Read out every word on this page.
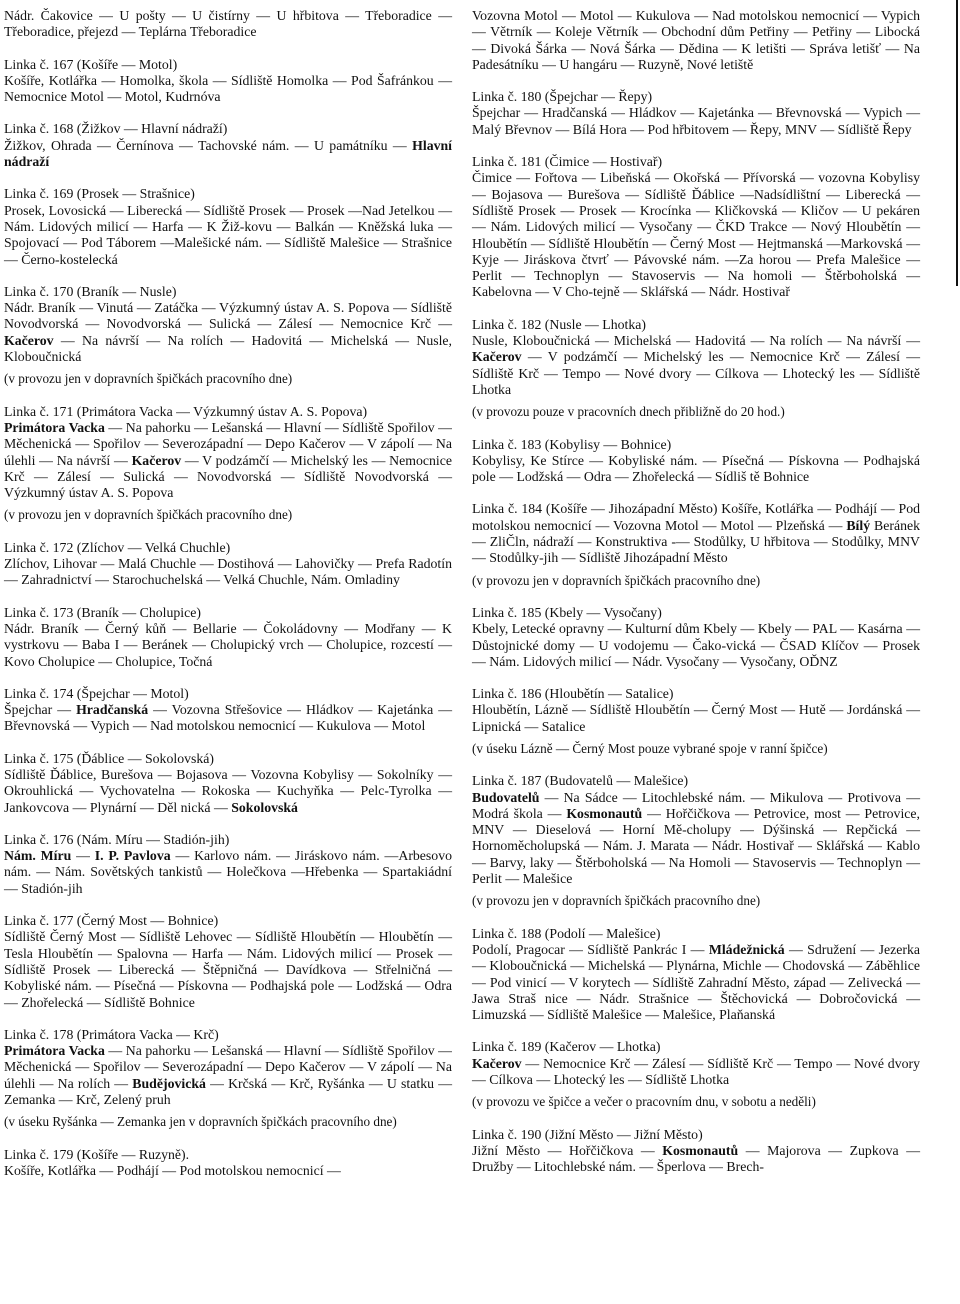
Nádr. Čakovice — U pošty — U čistírny — U hřbitova — Třeboradice — Třeboradice, přejezd — Teplárna Třeboradice
Linka č. 167 (Košíře — Motol)
Košíře, Kotlářka — Homolka, škola — Sídliště Homolka — Pod Šafránkou — Nemocnice Motol — Motol, Kudrnóva
Linka č. 168 (Žižkov — Hlavní nádraží)
Žižkov, Ohrada — Černínova — Tachovské nám. — U památníku — Hlavní nádraží
Linka č. 169 (Prosek — Strašnice)
Prosek, Lovosická — Liberecká — Sídliště Prosek — Prosek —Nad Jetelkou — Nám. Lidových milicí — Harfa — K Žiž-kovu — Balkán — Kněžská luka — Spojovací — Pod Táborem —Malešické nám. — Sídliště Malešice — Strašnice — Černo-kostelecká
Linka č. 170 (Braník — Nusle)
Nádr. Braník — Vinutá — Zatáčka — Výzkumný ústav A. S. Popova — Sídliště Novodvorská — Novodvorská — Sulická — Zálesí — Nemocnice Krč — Kačerov — Na návrší — Na rolích — Hadovitá — Michelská — Nusle, Kloboučnická
(v provozu jen v dopravních špičkách pracovního dne)
Linka č. 171 (Primátora Vacka — Výzkumný ústav A. S. Popova)
Primátora Vacka — Na pahorku — Lešanská — Hlavní — Sídliště Spořilov — Měchenická — Spořilov — Severozápadní — Depo Kačerov — V zápolí — Na úlehli — Na návrší — Kačerov — V podzámčí — Michelský les — Nemocnice Krč — Zálesí — Sulická — Novodvorská — Sídliště Novodvorská — Výzkumný ústav A. S. Popova
(v provozu jen v dopravních špičkách pracovního dne)
Linka č. 172 (Zlíchov — Velká Chuchle)
Zlíchov, Lihovar — Malá Chuchle — Dostihová — Lahovičky — Prefa Radotín — Zahradnictví — Starochuchelská — Velká Chuchle, Nám. Omladiny
Linka č. 173 (Braník — Cholupice)
Nádr. Braník — Černý kůň — Bellarie — Čokoládovny — Modřany — K vystrkovu — Baba I — Beránek — Cholupický vrch — Cholupice, rozcestí — Kovo Cholupice — Cholupice, Točná
Linka č. 174 (Špejchar — Motol)
Špejchar — Hradčanská — Vozovna Střešovice — Hládkov — Kajetánka — Břevnovská — Vypich — Nad motolskou nemocnicí — Kukulova — Motol
Linka č. 175 (Ďáblice — Sokolovská)
Sídliště Ďáblice, Burešova — Bojasova — Vozovna Kobylisy — Sokolníky — Okrouhlická — Vychovatelna — Rokoska — Kuchyňka — Pelc-Tyrolka — Jankovcova — Plynární — Děl nická — Sokolovská
Linka č. 176 (Nám. Míru — Stadión-jih)
Nám. Míru — I. P. Pavlova — Karlovo nám. — Jiráskovo nám. —Arbesovo nám. — Nám. Sovětských tankistů — Holečkova —Hřebenka — Spartakiádní — Stadión-jih
Linka č. 177 (Černý Most — Bohnice)
Sídliště Černý Most — Sídliště Lehovec — Sídliště Hloubětín — Hloubětín — Tesla Hloubětín — Spalovna — Harfa — Nám. Lidových milicí — Prosek — Sídliště Prosek — Liberecká — Štěpničná — Davídkova — Střelničná — Kobyliské nám. — Písečná — Pískovna — Podhajská pole — Lodžská — Odra — Zhořelecká — Sídliště Bohnice
Linka č. 178 (Primátora Vacka — Krč)
Primátora Vacka — Na pahorku — Lešanská — Hlavní — Sídliště Spořilov — Měchenická — Spořilov — Severozápadní — Depo Kačerov — V zápolí — Na úlehli — Na rolích — Budějovická — Krčská — Krč, Ryšánka — U statku — Zemanka — Krč, Zelený pruh
(v úseku Ryšánka — Zemanka jen v dopravních špičkách pracovního dne)
Linka č. 179 (Košíře — Ruzyně).
Košíře, Kotlářka — Podhájí — Pod motolskou nemocnicí —
Vozovna Motol — Motol — Kukulova — Nad motolskou nemocnicí — Vypich — Větrník — Koleje Větrník — Obchodní dům Petřiny — Petřiny — Libocká — Divoká Šárka — Nová Šárka — Dědina — K letišti — Správa letišť — Na Padesátníku — U hangáru — Ruzyně, Nové letiště
Linka č. 180 (Špejchar — Řepy)
Špejchar — Hradčanská — Hládkov — Kajetánka — Břevnovská — Vypich — Malý Břevnov — Bílá Hora — Pod hřbitovem — Řepy, MNV — Sídliště Řepy
Linka č. 181 (Čimice — Hostivař)
Čimice — Fořtova — Libeňská — Okořská — Přívorská — vozovna Kobylisy — Bojasova — Burešova — Sídliště Ďáblice —Nadsídlištní — Liberecká — Sídliště Prosek — Prosek — Krocínka — Kličkovská — Kličov — U pekáren — Nám. Lidových milicí — Vysočany — ČKD Trakce — Nový Hloubětín — Hloubětín — Sídliště Hloubětín — Černý Most — Hejtmanská —Markovská — Kyje — Jiráskova čtvrť — Pávovské nám. —Za horou — Prefa Malešice — Perlit — Technoplyn — Stavoservis — Na homoli — Štěrboholská — Kabelovna — V Cho-tejně — Sklářská — Nádr. Hostivař
Linka č. 182 (Nusle — Lhotka)
Nusle, Kloboučnická — Michelská — Hadovitá — Na rolích — Na návrší — Kačerov — V podzámčí — Michelský les — Nemocnice Krč — Zálesí — Sídliště Krč — Tempo — Nové dvory — Cílkova — Lhotecký les — Sídliště Lhotka
(v provozu pouze v pracovních dnech přibližně do 20 hod.)
Linka č. 183 (Kobylisy — Bohnice)
Kobylisy, Ke Stírce — Kobyliské nám. — Písečná — Pískovna — Podhajská pole — Lodžská — Odra — Zhořelecká — Sídliš tě Bohnice
Linka č. 184 (Košíře — Jihozápadní Město) Košíře, Kotlářka — Podhájí — Pod motolskou nemocnicí — Vozovna Motol — Motol — Plzeňská — Bílý Beránek — ZliČln, nádraží — Konstruktiva -— Stodůlky, U hřbitova — Stodůlky, MNV — Stodůlky-jih — Sídliště Jihozápadní Město
(v provozu jen v dopravních špičkách pracovního dne)
Linka č. 185 (Kbely — Vysočany)
Kbely, Letecké opravny — Kulturní dům Kbely — Kbely — PAL — Kasárna — Důstojnické domy — U vodojemu — Čako-vická — ČSAD Klíčov — Prosek — Nám. Lidových milicí — Nádr. Vysočany — Vysočany, OĎNZ
Linka č. 186 (Hloubětín — Satalice)
Hloubětín, Lázně — Sídliště Hloubětín — Černý Most — Hutě — Jordánská — Lipnická — Satalice
(v úseku Lázně — Černý Most pouze vybrané spoje v ranní špičce)
Linka č. 187 (Budovatelů — Malešice)
Budovatelů — Na Sádce — Litochlebské nám. — Mikulova — Protivova — Modrá škola — Kosmonautů — Hořčičkova — Petrovice, most — Petrovice, MNV — Dieselová — Horní Mě-cholupy — Dýšinská — Repčická — Hornoměcholupská — Nám. J. Marata — Nádr. Hostivař — Sklářská — Kablo — Barvy, laky — Štěrboholská — Na Homoli — Stavoservis — Technoplyn — Perlit — Malešice
(v provozu jen v dopravních špičkách pracovního dne)
Linka č. 188 (Podolí — Malešice)
Podolí, Pragocar — Sídliště Pankrác I — Mládežnická — Sdružení — Jezerka — Kloboučnická — Michelská — Plynárna, Michle — Chodovská — Záběhlice — Pod vinicí — V korytech — Sídliště Zahradní Město, západ — Zelivecká — Jawa Straš nice — Nádr. Strašnice — Štěchovická — Dobročovická — Limuzská — Sídliště Malešice — Malešice, Plaňanská
Linka č. 189 (Kačerov — Lhotka)
Kačerov — Nemocnice Krč — Zálesí — Sídliště Krč — Tempo — Nové dvory — Cílkova — Lhotecký les — Sídliště Lhotka
(v provozu ve špičce a večer o pracovním dnu, v sobotu a neděli)
Linka č. 190 (Jižní Město — Jižní Město)
Jižní Město — Hořčičkova — Kosmonautů — Majorova — Zupkova — Družby — Litochlebské nám. — Šperlova — Brech-
